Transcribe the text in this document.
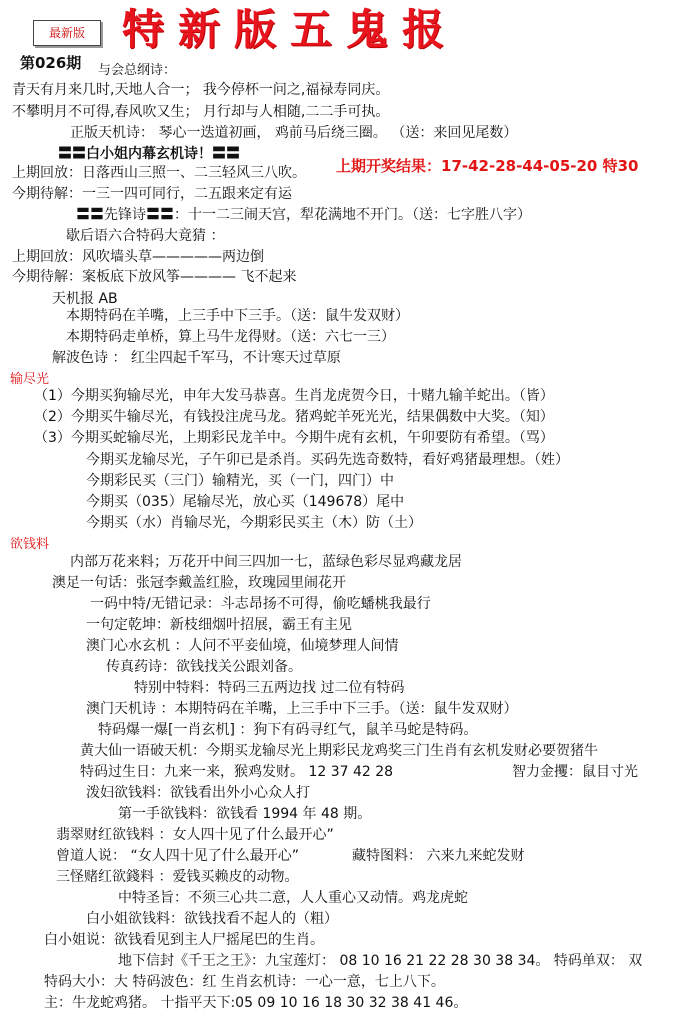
最新版 特新版五鬼报
第026期 与会总纲诗：
青天有月来几时,天地人合一； 我今停杯一问之,福禄寿同庆。
不攀明月不可得,春风吹又生； 月行却与人相随,二二手可执。
正版天机诗： 琴心一迭道初画， 鸡前马后绕三圈。 （送：来回见尾数）
〓〓白小姐内幕玄机诗！〓〓
上期开奖结果：17-42-28-44-05-20 特30
上期回放：日落西山三照一、二三轻风三八吹。
今期待解：一三一四可同行，二五跟来定有运
〓〓先锋诗〓〓：十一二三闹天宫，犁花满地不开门。（送：七字胜八字）
歇后语六合特码大竟猜 ：
上期回放：风吹墙头草—————两边倒
今期待解：案板底下放风筝———— 飞不起来
天机报 AB
本期特码在羊嘴，上三手中下三手。（送：鼠牛发双财）
本期特码走单桥，算上马牛龙得财。（送：六七一三）
解波色诗 ： 红尘四起千军马，不计寒天过草原
输尽光
（1）今期买狗输尽光，申年大发马恭喜。生肖龙虎贺今日，十赌九输羊蛇出。（皆）
（2）今期买牛输尽光，有钱投注虎马龙。猪鸡蛇羊死光光，结果偶数中大奖。（知）
（3）今期买蛇输尽光，上期彩民龙羊中。今期牛虎有玄机，午卯要防有希望。（骂）
今期买龙输尽光，子午卯已是杀肖。买码先选奇数特，看好鸡猪最理想。（姓）
今期彩民买（三门）输精光，买（一门，四门）中
今期买（035）尾输尽光，放心买（149678）尾中
今期买（水）肖输尽光，今期彩民买主（木）防（土）
欲钱料
内部万花来料；万花开中间三四加一七，蓝绿色彩尽显鸡藏龙居
澳足一句话：张冠李戴盖红脸，玫瑰园里闹花开
一码中特/无错记录：斗志昂扬不可得，偷吃蟠桃我最行
一句定乾坤：新枝细烟叶招展，霸王有主见
澳门心水玄机 ：人问不平妾仙境，仙境梦理人间情
传真药诗：欲钱找关公跟刘备。
特别中特料：特码三五两边找 过二位有特码
澳门天机诗 ：本期特码在羊嘴，上三手中下三手。（送：鼠牛发双财）
特码爆一爆[一肖玄机] ：狗下有码寻红气，鼠羊马蛇是特码。
黄大仙一语破天机：今期买龙输尽光上期彩民龙鸡奖三门生肖有玄机发财必要贺猪牛
特码过生日：九来一来，猴鸡发财。 12 37 42 28	智力金攫：鼠目寸光
泼妇欲钱料：欲钱看出外小心众人打
第一手欲钱料：欲钱看 1994 年 48 期。
翡翠财红欲钱料 ：女人四十见了什么最开心”
曾道人说： “女人四十见了什么最开心”	藏特图料： 六来九来蛇发财
三怪赌红欲錢料 ：爱钱买赖皮的动物。
中特圣旨：不须三心共二意，人人重心又动情。鸡龙虎蛇
白小姐欲钱料：欲钱找看不起人的（粗）
白小姐说：欲钱看见到主人尸摇尾巴的生肖。
地下信封《千王之王》：九宝莲灯： 08 10 16 21 22 28 30 38 34。 特码单双： 双
特码大小：大 特码波色：红 生肖玄机诗：一心一意，七上八下。
主：牛龙蛇鸡猪。 十指平天下:05 09 10 16 18 30 32 38 41 46。
